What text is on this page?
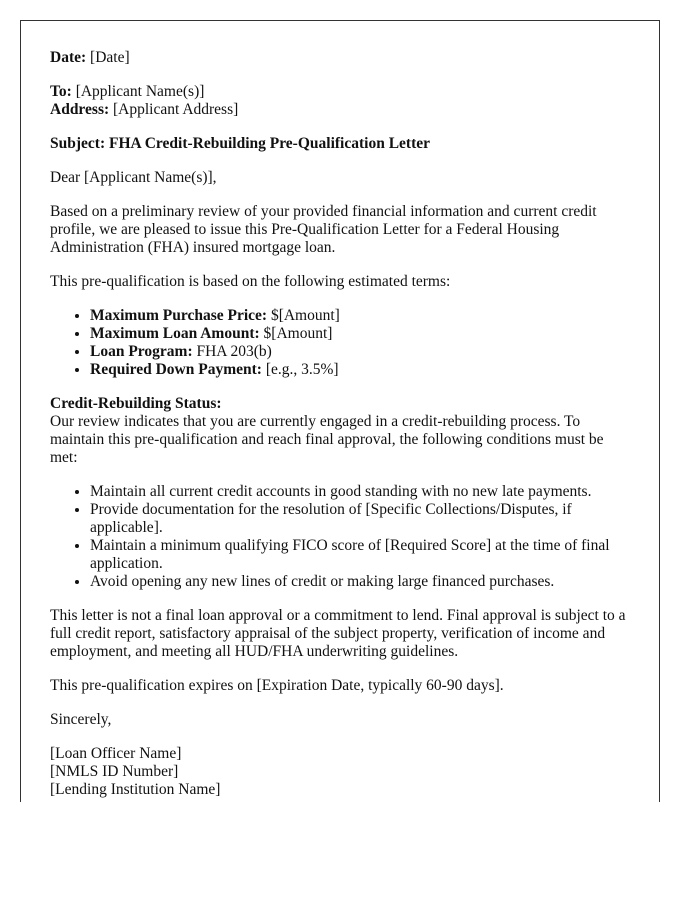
Date: [Date]

To: [Applicant Name(s)]
Address: [Applicant Address]

Subject: FHA Credit-Rebuilding Pre-Qualification Letter

Dear [Applicant Name(s)],

Based on a preliminary review of your provided financial information and current credit profile, we are pleased to issue this Pre-Qualification Letter for a Federal Housing Administration (FHA) insured mortgage loan.

This pre-qualification is based on the following estimated terms:

• Maximum Purchase Price: $[Amount]
• Maximum Loan Amount: $[Amount]
• Loan Program: FHA 203(b)
• Required Down Payment: [e.g., 3.5%]

Credit-Rebuilding Status:
Our review indicates that you are currently engaged in a credit-rebuilding process. To maintain this pre-qualification and reach final approval, the following conditions must be met:

• Maintain all current credit accounts in good standing with no new late payments.
• Provide documentation for the resolution of [Specific Collections/Disputes, if applicable].
• Maintain a minimum qualifying FICO score of [Required Score] at the time of final application.
• Avoid opening any new lines of credit or making large financed purchases.

This letter is not a final loan approval or a commitment to lend. Final approval is subject to a full credit report, satisfactory appraisal of the subject property, verification of income and employment, and meeting all HUD/FHA underwriting guidelines.

This pre-qualification expires on [Expiration Date, typically 60-90 days].

Sincerely,

[Loan Officer Name]
[NMLS ID Number]
[Lending Institution Name]
